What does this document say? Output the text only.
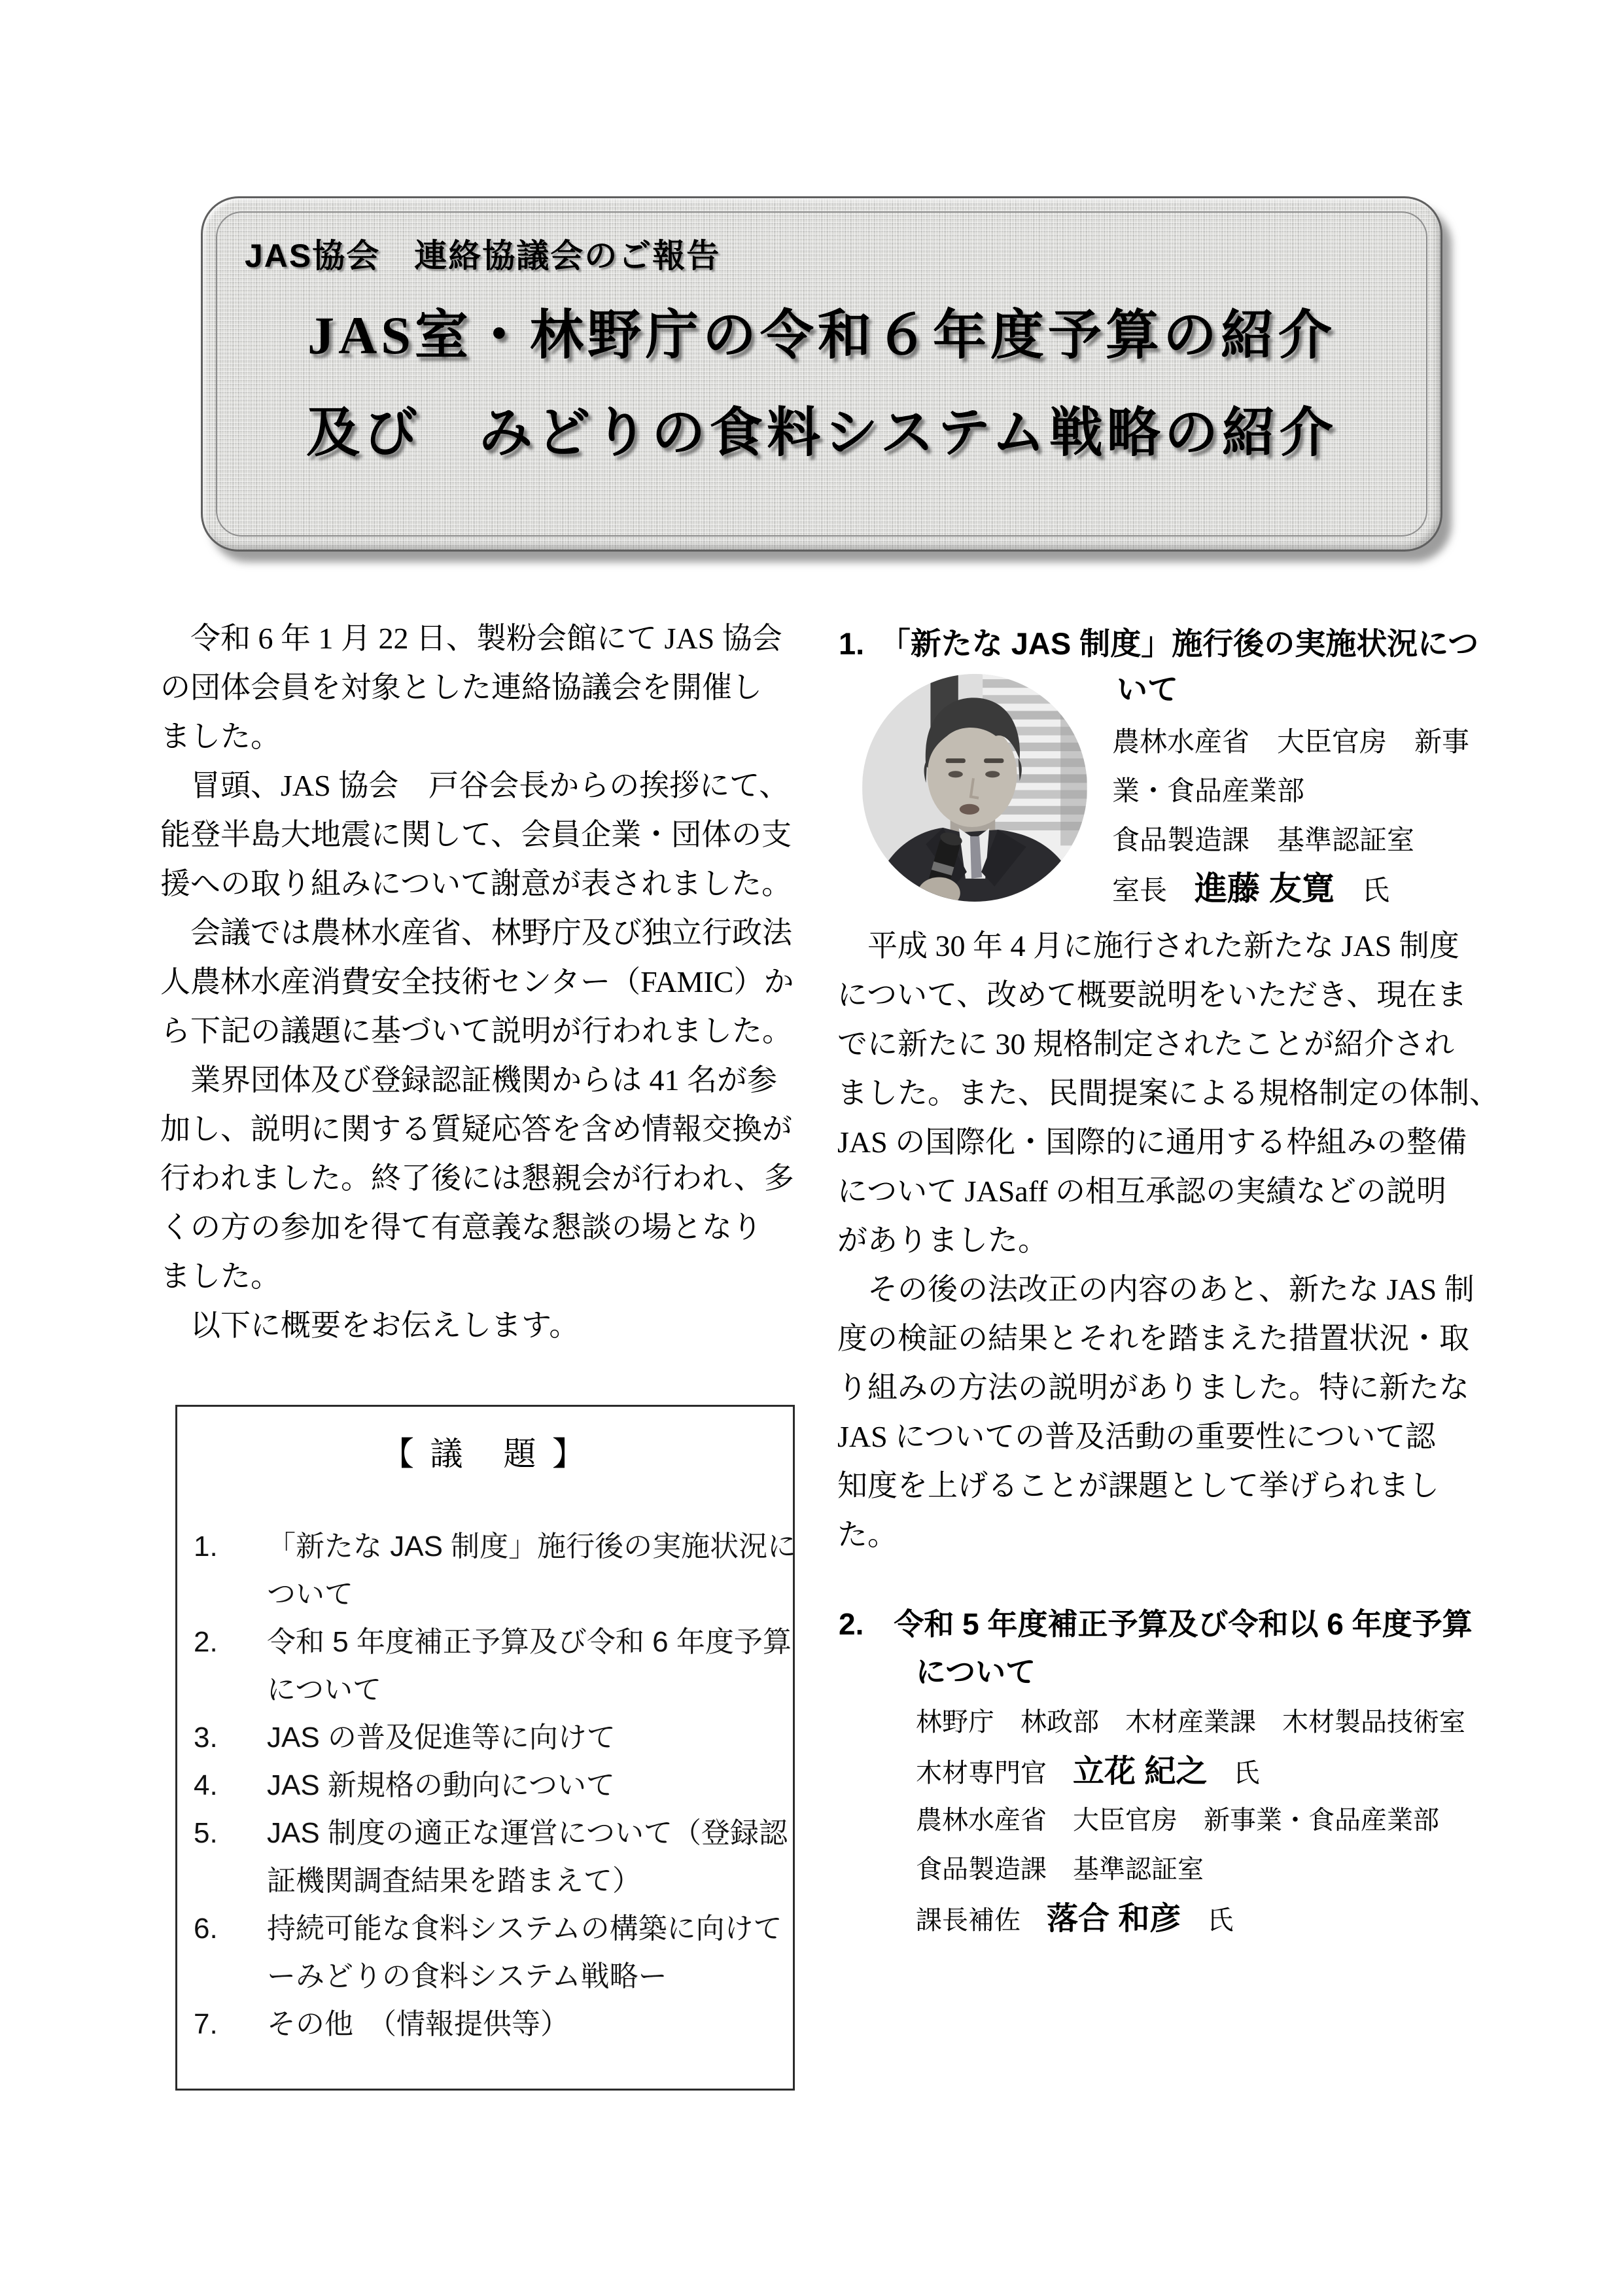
JAS協会　連絡協議会のご報告
JAS室・林野庁の令和６年度予算の紹介
及び　みどりの食料システム戦略の紹介
　令和 6 年 1 月 22 日、製粉会館にて JAS 協会
の団体会員を対象とした連絡協議会を開催し
ました。
　冒頭、JAS 協会　戸谷会長からの挨拶にて、
能登半島大地震に関して、会員企業・団体の支
援への取り組みについて謝意が表されました。
　会議では農林水産省、林野庁及び独立行政法
人農林水産消費安全技術センター（FAMIC）か
ら下記の議題に基づいて説明が行われました。
　業界団体及び登録認証機関からは 41 名が参
加し、説明に関する質疑応答を含め情報交換が
行われました。終了後には懇親会が行われ、多
くの方の参加を得て有意義な懇談の場となり
ました。
　以下に概要をお伝えします。
【 議　題 】
1. 「新たな JAS 制度」施行後の実施状況に
ついて
2. 令和 5 年度補正予算及び令和 6 年度予算
について
3. JAS の普及促進等に向けて
4. JAS 新規格の動向について
5. JAS 制度の適正な運営について（登録認
証機関調査結果を踏まえて）
6. 持続可能な食料システムの構築に向けて
ーみどりの食料システム戦略ー
7. その他　（情報提供等）
1.　「新たな JAS 制度」施行後の実施状況につ
いて
農林水産省　大臣官房　新事
業・食品産業部
食品製造課　基準認証室
室長　進藤 友寛　氏
　平成 30 年 4 月に施行された新たな JAS 制度
について、改めて概要説明をいただき、現在ま
でに新たに 30 規格制定されたことが紹介され
ました。また、民間提案による規格制定の体制、
JAS の国際化・国際的に通用する枠組みの整備
について JASaff の相互承認の実績などの説明
がありました。
　その後の法改正の内容のあと、新たな JAS 制
度の検証の結果とそれを踏まえた措置状況・取
り組みの方法の説明がありました。特に新たな
JAS についての普及活動の重要性について認
知度を上げることが課題として挙げられまし
た。
2.　令和 5 年度補正予算及び令和以 6 年度予算
について
林野庁　林政部　木材産業課　木材製品技術室
木材専門官　立花 紀之　氏
農林水産省　大臣官房　新事業・食品産業部
食品製造課　基準認証室
課長補佐　落合 和彦　氏
